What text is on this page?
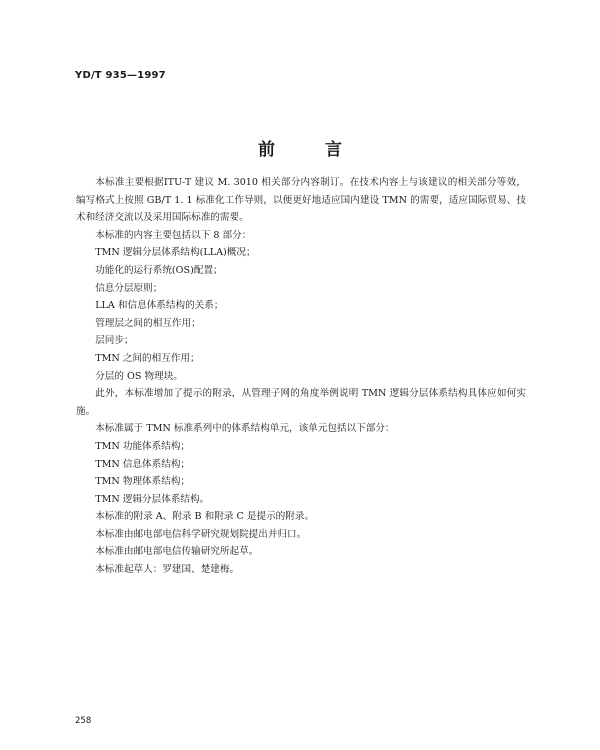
YD/T 935—1997
前言

本标准主要根据ITU-T 建议 M. 3010 相关部分内容制订。在技术内容上与该建议的相关部分等效，编写格式上按照 GB/T 1. 1 标准化工作导则，以便更好地适应国内建设 TMN 的需要，适应国际贸易、技术和经济交流以及采用国际标准的需要。

本标准的内容主要包括以下 8 部分：

TMN 逻辑分层体系结构(LLA)概况；

功能化的运行系统(OS)配置；

信息分层原则；

LLA 和信息体系结构的关系；

管理层之间的相互作用；

层同步；

TMN 之间的相互作用；

分层的 OS 物理块。

此外，本标准增加了提示的附录，从管理子网的角度举例说明 TMN 逻辑分层体系结构具体应如何实施。

本标准属于 TMN 标准系列中的体系结构单元，该单元包括以下部分：

TMN 功能体系结构；

TMN 信息体系结构；

TMN 物理体系结构；

TMN 逻辑分层体系结构。

本标准的附录 A、附录 B 和附录 C 是提示的附录。

本标准由邮电部电信科学研究规划院提出并归口。

本标准由邮电部电信传输研究所起草。

本标准起草人：罗建国、楚建梅。

258
